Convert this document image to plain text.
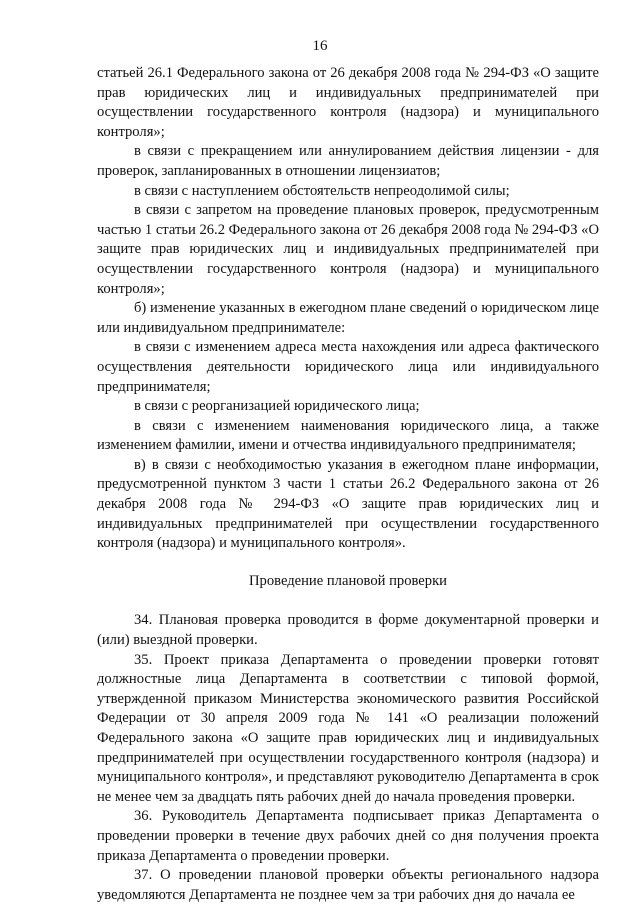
16

статьей 26.1 Федерального закона от 26 декабря 2008 года № 294-ФЗ «О защите прав юридических лиц и индивидуальных предпринимателей при осуществлении государственного контроля (надзора) и муниципального контроля»;

в связи с прекращением или аннулированием действия лицензии - для проверок, запланированных в отношении лицензиатов;

в связи с наступлением обстоятельств непреодолимой силы;

в связи с запретом на проведение плановых проверок, предусмотренным частью 1 статьи 26.2 Федерального закона от 26 декабря 2008 года № 294-ФЗ «О защите прав юридических лиц и индивидуальных предпринимателей при осуществлении государственного контроля (надзора) и муниципального контроля»;

б) изменение указанных в ежегодном плане сведений о юридическом лице или индивидуальном предпринимателе:

в связи с изменением адреса места нахождения или адреса фактического осуществления деятельности юридического лица или индивидуального предпринимателя;

в связи с реорганизацией юридического лица;

в связи с изменением наименования юридического лица, а также изменением фамилии, имени и отчества индивидуального предпринимателя;

в) в связи с необходимостью указания в ежегодном плане информации, предусмотренной пунктом 3 части 1 статьи 26.2 Федерального закона от 26 декабря 2008 года № 294-ФЗ «О защите прав юридических лиц и индивидуальных предпринимателей при осуществлении государственного контроля (надзора) и муниципального контроля».

Проведение плановой проверки

34. Плановая проверка проводится в форме документарной проверки и (или) выездной проверки.

35. Проект приказа Департамента о проведении проверки готовят должностные лица Департамента в соответствии с типовой формой, утвержденной приказом Министерства экономического развития Российской Федерации от 30 апреля 2009 года № 141 «О реализации положений Федерального закона «О защите прав юридических лиц и индивидуальных предпринимателей при осуществлении государственного контроля (надзора) и муниципального контроля», и представляют руководителю Департамента в срок не менее чем за двадцать пять рабочих дней до начала проведения проверки.

36. Руководитель Департамента подписывает приказ Департамента о проведении проверки в течение двух рабочих дней со дня получения проекта приказа Департамента о проведении проверки.

37. О проведении плановой проверки объекты регионального надзора уведомляются Департамента не позднее чем за три рабочих дня до начала ее
